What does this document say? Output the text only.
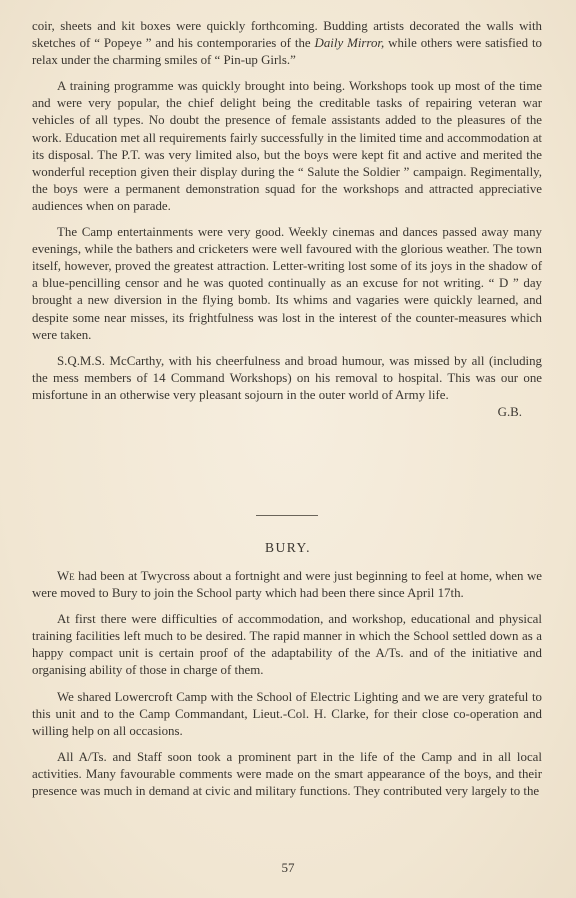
coir, sheets and kit boxes were quickly forthcoming. Budding artists decorated the walls with sketches of “ Popeye ” and his contemporaries of the Daily Mirror, while others were satisfied to relax under the charming smiles of “ Pin-up Girls.”

A training programme was quickly brought into being. Workshops took up most of the time and were very popular, the chief delight being the creditable tasks of repairing veteran war vehicles of all types. No doubt the presence of female assistants added to the pleasures of the work. Education met all requirements fairly successfully in the limited time and accommodation at its disposal. The P.T. was very limited also, but the boys were kept fit and active and merited the wonderful reception given their display during the “ Salute the Soldier ” campaign. Regimentally, the boys were a permanent demonstration squad for the workshops and attracted appreciative audiences when on parade.

The Camp entertainments were very good. Weekly cinemas and dances passed away many evenings, while the bathers and cricketers were well favoured with the glorious weather. The town itself, however, proved the greatest attraction. Letter-writing lost some of its joys in the shadow of a blue-pencilling censor and he was quoted continually as an excuse for not writing. “ D ” day brought a new diversion in the flying bomb. Its whims and vagaries were quickly learned, and despite some near misses, its frightfulness was lost in the interest of the counter-measures which were taken.

S.Q.M.S. McCarthy, with his cheerfulness and broad humour, was missed by all (including the mess members of 14 Command Workshops) on his removal to hospital. This was our one misfortune in an otherwise very pleasant sojourn in the outer world of Army life.

G.B.

BURY.

We had been at Twycross about a fortnight and were just beginning to feel at home, when we were moved to Bury to join the School party which had been there since April 17th.

At first there were difficulties of accommodation, and workshop, educational and physical training facilities left much to be desired. The rapid manner in which the School settled down as a happy compact unit is certain proof of the adaptability of the A/Ts. and of the initiative and organising ability of those in charge of them.

We shared Lowercroft Camp with the School of Electric Lighting and we are very grateful to this unit and to the Camp Commandant, Lieut.-Col. H. Clarke, for their close co-operation and willing help on all occasions.

All A/Ts. and Staff soon took a prominent part in the life of the Camp and in all local activities. Many favourable comments were made on the smart appearance of the boys, and their presence was much in demand at civic and military functions. They contributed very largely to the

57
